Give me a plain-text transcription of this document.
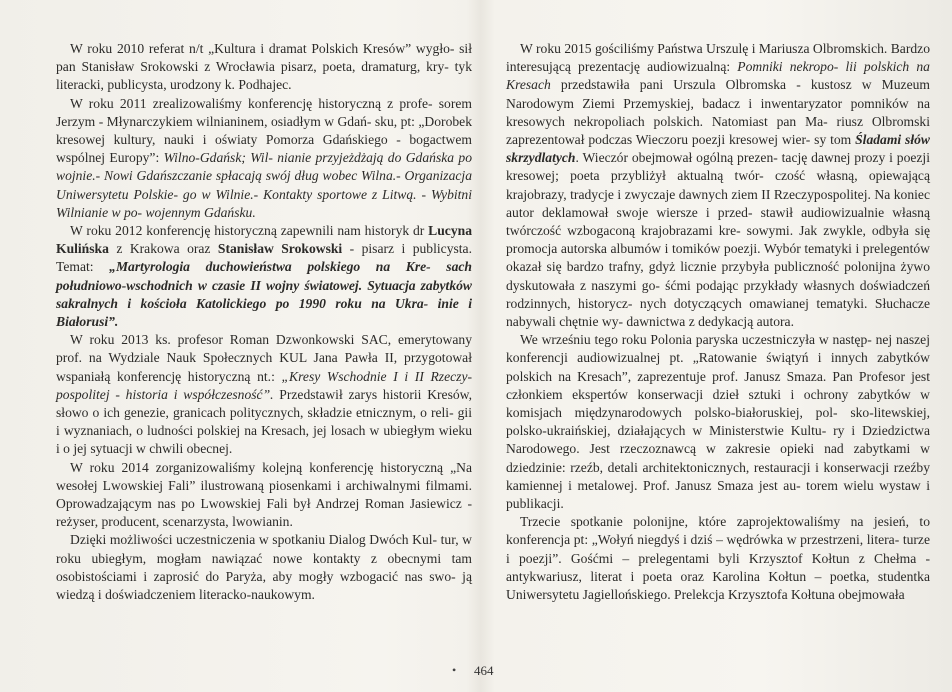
W roku 2010 referat n/t „Kultura i dramat Polskich Kresów” wygło- sił pan Stanisław Srokowski z Wrocławia pisarz, poeta, dramaturg, kry- tyk literacki, publicysta, urodzony k. Podhajec.

W roku 2011 zrealizowaliśmy konferencję historyczną z profe- sorem Jerzym - Młynarczykiem wilnianinem, osiadłym w Gdań- sku, pt: „Dorobek kresowej kultury, nauki i oświaty Pomorza Gdańskiego - bogactwem wspólnej Europy”: Wilno-Gdańsk; Wil- nianie przyjeżdżają do Gdańska po wojnie.- Nowi Gdańszczanie spłacają swój dług wobec Wilna.- Organizacja Uniwersytetu Polskie- go w Wilnie.- Kontakty sportowe z Litwą. - Wybitni Wilnianie w po- wojennym Gdańsku.

W roku 2012 konferencję historyczną zapewnili nam historyk dr Lucyna Kulińska z Krakowa oraz Stanisław Srokowski - pisarz i publicysta. Temat: „Martyrologia duchowieństwa polskiego na Kre- sach południowo-wschodnich w czasie II wojny światowej. Sytuacja zabytków sakralnych i kościoła Katolickiego po 1990 roku na Ukra- inie i Białorusi”.

W roku 2013 ks. profesor Roman Dzwonkowski SAC, emerytowany prof. na Wydziale Nauk Społecznych KUL Jana Pawła II, przygotował wspaniałą konferencję historyczną nt.: „Kresy Wschodnie I i II Rzeczy- pospolitej - historia i współczesność”. Przedstawił zarys historii Kresów, słowo o ich genezie, granicach politycznych, składzie etnicznym, o reli- gii i wyznaniach, o ludności polskiej na Kresach, jej losach w ubiegłym wieku i o jej sytuacji w chwili obecnej.

W roku 2014 zorganizowaliśmy kolejną konferencję historyczną „Na wesołej Lwowskiej Fali” ilustrowaną piosenkami i archiwalnymi filmami. Oprowadzającym nas po Lwowskiej Fali był Andrzej Roman Jasiewicz - reżyser, producent, scenarzysta, lwowianin.

Dzięki możliwości uczestniczenia w spotkaniu Dialog Dwóch Kul- tur, w roku ubiegłym, mogłam nawiązać nowe kontakty z obecnymi tam osobistościami i zaprosić do Paryża, aby mogły wzbogacić nas swo- ją wiedzą i doświadczeniem literacko-naukowym.

W roku 2015 gościliśmy Państwa Urszulę i Mariusza Olbromskich. Bardzo interesującą prezentację audiowizualną: Pomniki nekropo- lii polskich na Kresach przedstawiła pani Urszula Olbromska - kustosz w Muzeum Narodowym Ziemi Przemyskiej, badacz i inwentaryzator pomników na kresowych nekropoliach polskich. Natomiast pan Ma- riusz Olbromski zaprezentował podczas Wieczoru poezji kresowej wier- sy tom Śladami słów skrzydlatych. Wieczór obejmował ogólną prezen- tację dawnej prozy i poezji kresowej; poeta przybliżył aktualną twór- czość własną, opiewającą krajobrazy, tradycje i zwyczaje dawnych ziem II Rzeczypospolitej. Na koniec autor deklamował swoje wiersze i przed- stawił audiowizualnie własną twórczość wzbogaconą krajobrazami kre- sowymi. Jak zwykle, odbyła się promocja autorska albumów i tomików poezji. Wybór tematyki i prelegentów okazał się bardzo trafny, gdyż licznie przybyła publiczność polonijna żywo dyskutowała z naszymi go- śćmi podając przykłady własnych doświadczeń rodzinnych, historycz- nych dotyczących omawianej tematyki. Słuchacze nabywali chętnie wy- dawnictwa z dedykacją autora.

We wrześniu tego roku Polonia paryska uczestniczyła w następ- nej naszej konferencji audiowizualnej pt. „Ratowanie świątyń i innych zabytków polskich na Kresach”, zaprezentuje prof. Janusz Smaza. Pan Profesor jest członkiem ekspertów konserwacji dzieł sztuki i ochrony zabytków w komisjach międzynarodowych polsko-białoruskiej, pol- sko-litewskiej, polsko-ukraińskiej, działających w Ministerstwie Kultu- ry i Dziedzictwa Narodowego. Jest rzeczoznawcą w zakresie opieki nad zabytkami w dziedzinie: rzeźb, detali architektonicznych, restauracji i konserwacji rzeźby kamiennej i metalowej. Prof. Janusz Smaza jest au- torem wielu wystaw i publikacji.

Trzecie spotkanie polonijne, które zaprojektowaliśmy na jesień, to konferencja pt: „Wołyń niegdyś i dziś – wędrówka w przestrzeni, litera- turze i poezji”. Gośćmi – prelegentami byli Krzysztof Kołtun z Chełma - antykwariusz, literat i poeta oraz Karolina Kołtun – poetka, studentka Uniwersytetu Jagiellońskiego. Prelekcja Krzysztofa Kołtuna obejmowała

• 464
